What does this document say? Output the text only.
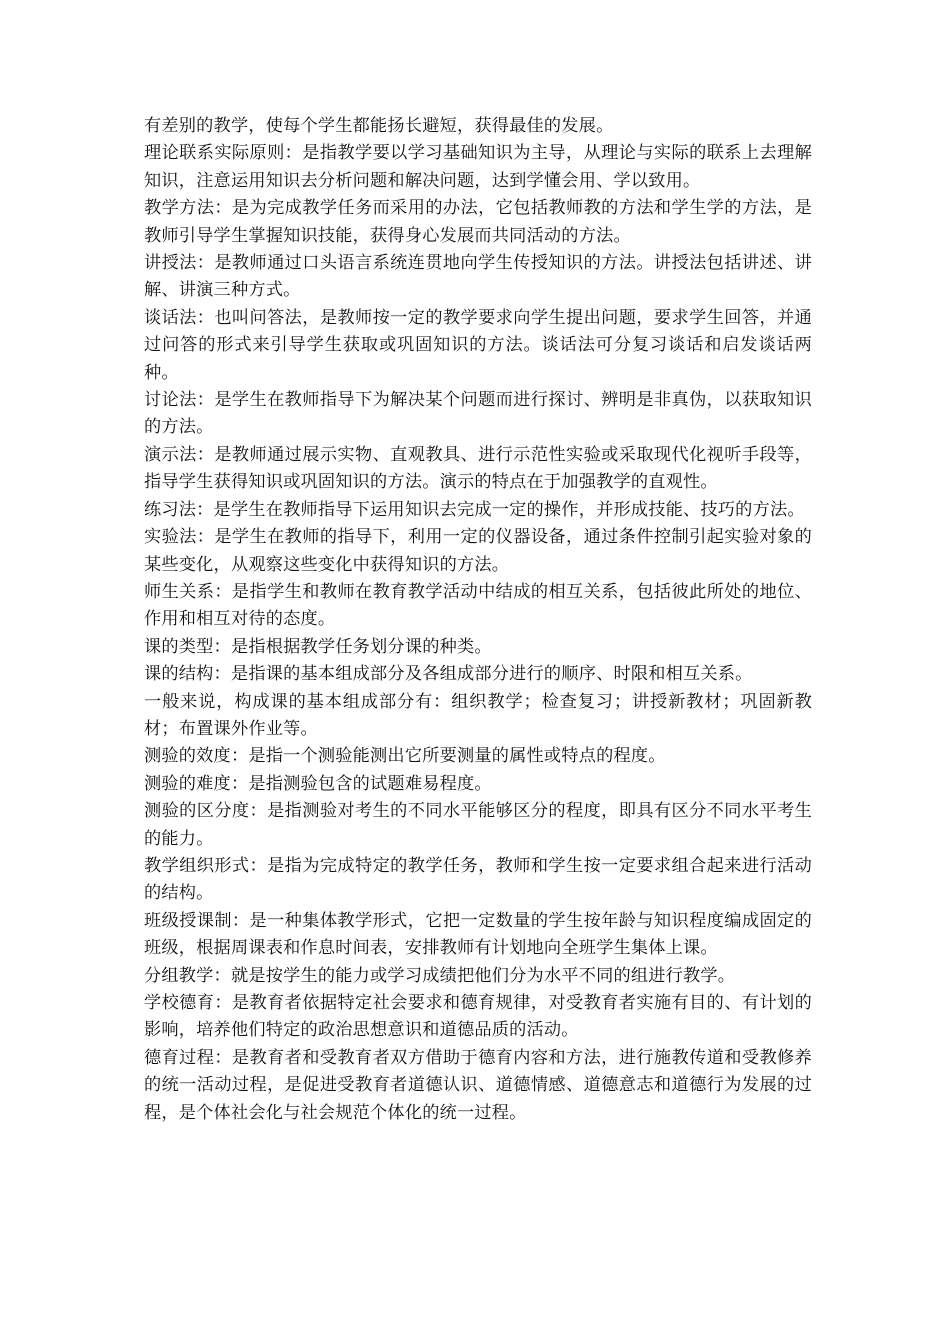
有差别的教学，使每个学生都能扬长避短，获得最佳的发展。

理论联系实际原则：是指教学要以学习基础知识为主导，从理论与实际的联系上去理解知识，注意运用知识去分析问题和解决问题，达到学懂会用、学以致用。

教学方法：是为完成教学任务而采用的办法，它包括教师教的方法和学生学的方法，是教师引导学生掌握知识技能，获得身心发展而共同活动的方法。

讲授法：是教师通过口头语言系统连贯地向学生传授知识的方法。讲授法包括讲述、讲解、讲演三种方式。

谈话法：也叫问答法，是教师按一定的教学要求向学生提出问题，要求学生回答，并通过问答的形式来引导学生获取或巩固知识的方法。谈话法可分复习谈话和启发谈话两种。

讨论法：是学生在教师指导下为解决某个问题而进行探讨、辨明是非真伪，以获取知识的方法。

演示法：是教师通过展示实物、直观教具、进行示范性实验或采取现代化视听手段等，指导学生获得知识或巩固知识的方法。演示的特点在于加强教学的直观性。

练习法：是学生在教师指导下运用知识去完成一定的操作，并形成技能、技巧的方法。

实验法：是学生在教师的指导下，利用一定的仪器设备，通过条件控制引起实验对象的某些变化，从观察这些变化中获得知识的方法。

师生关系：是指学生和教师在教育教学活动中结成的相互关系，包括彼此所处的地位、作用和相互对待的态度。

课的类型：是指根据教学任务划分课的种类。

课的结构：是指课的基本组成部分及各组成部分进行的顺序、时限和相互关系。

一般来说，构成课的基本组成部分有：组织教学；检查复习；讲授新教材；巩固新教材；布置课外作业等。

测验的效度：是指一个测验能测出它所要测量的属性或特点的程度。

测验的难度：是指测验包含的试题难易程度。

测验的区分度：是指测验对考生的不同水平能够区分的程度，即具有区分不同水平考生的能力。

教学组织形式：是指为完成特定的教学任务，教师和学生按一定要求组合起来进行活动的结构。

班级授课制：是一种集体教学形式，它把一定数量的学生按年龄与知识程度编成固定的班级，根据周课表和作息时间表，安排教师有计划地向全班学生集体上课。

分组教学：就是按学生的能力或学习成绩把他们分为水平不同的组进行教学。

学校德育：是教育者依据特定社会要求和德育规律，对受教育者实施有目的、有计划的影响，培养他们特定的政治思想意识和道德品质的活动。

德育过程：是教育者和受教育者双方借助于德育内容和方法，进行施教传道和受教修养的统一活动过程，是促进受教育者道德认识、道德情感、道德意志和道德行为发展的过程，是个体社会化与社会规范个体化的统一过程。
